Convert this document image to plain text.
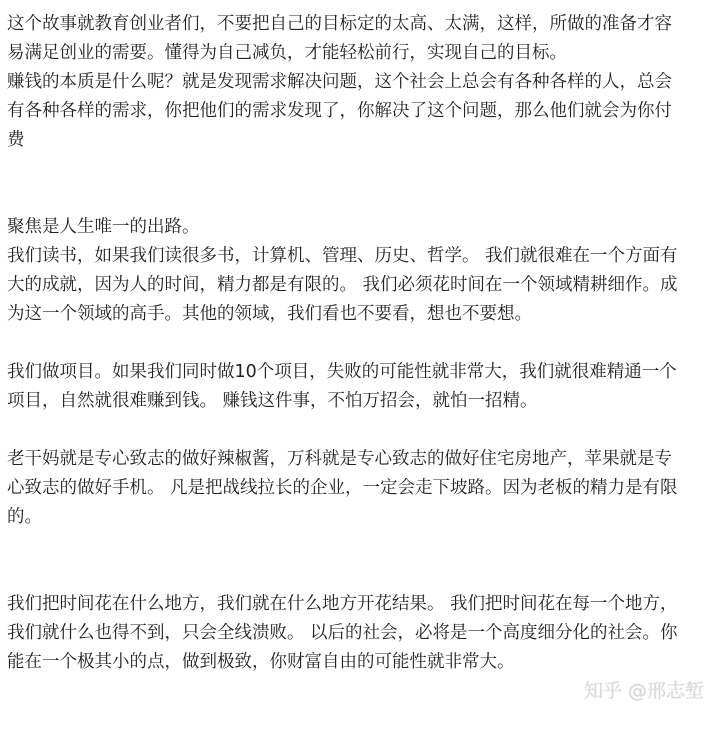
这个故事就教育创业者们，不要把自己的目标定的太高、太满，这样，所做的准备才容
易满足创业的需要。懂得为自己减负，才能轻松前行，实现自己的目标。
赚钱的本质是什么呢？就是发现需求解决问题，这个社会上总会有各种各样的人，总会
有各种各样的需求，你把他们的需求发现了，你解决了这个问题，那么他们就会为你付
费
聚焦是人生唯一的出路。
我们读书，如果我们读很多书，计算机、管理、历史、哲学。 我们就很难在一个方面有
大的成就，因为人的时间，精力都是有限的。 我们必须花时间在一个领域精耕细作。成
为这一个领域的高手。其他的领域，我们看也不要看，想也不要想。
我们做项目。如果我们同时做10个项目，失败的可能性就非常大，我们就很难精通一个
项目，自然就很难赚到钱。 赚钱这件事，不怕万招会，就怕一招精。
老干妈就是专心致志的做好辣椒酱，万科就是专心致志的做好住宅房地产，苹果就是专
心致志的做好手机。 凡是把战线拉长的企业，一定会走下坡路。因为老板的精力是有限
的。
我们把时间花在什么地方，我们就在什么地方开花结果。 我们把时间花在每一个地方，
我们就什么也得不到，只会全线溃败。 以后的社会，必将是一个高度细分化的社会。你
能在一个极其小的点，做到极致，你财富自由的可能性就非常大。
知乎 @邢志堑
